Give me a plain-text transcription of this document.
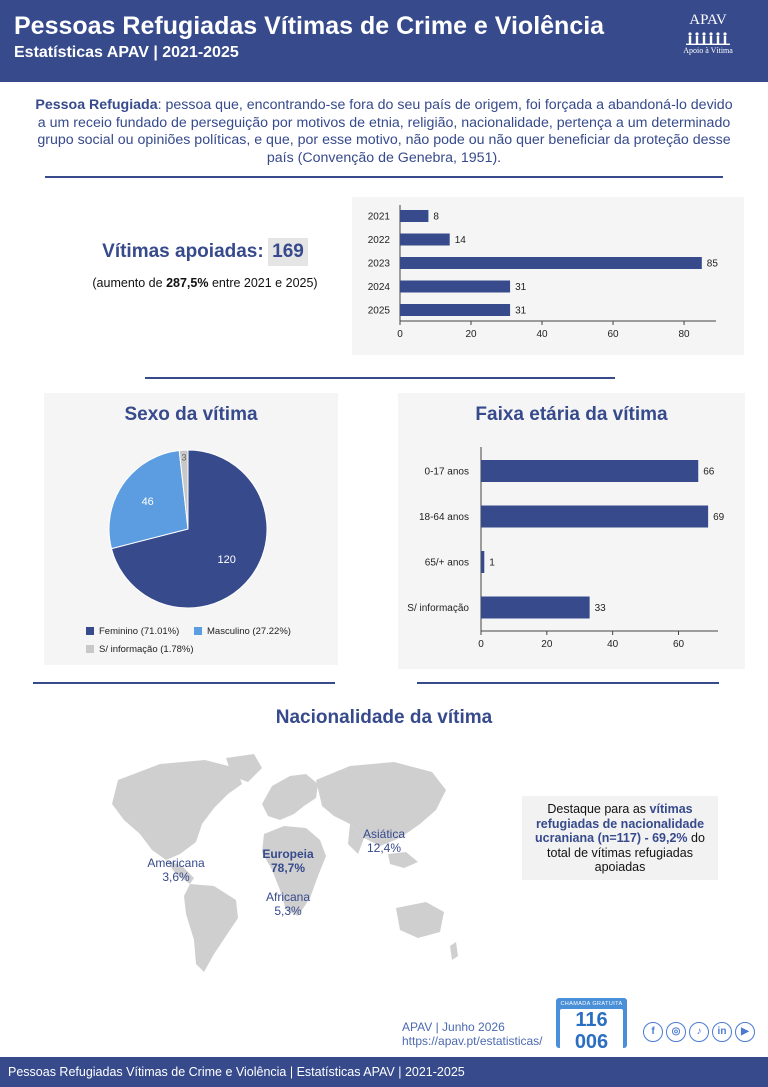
Pessoas Refugiadas Vítimas de Crime e Violência
Estatísticas APAV | 2021-2025
APAV
Apoio à Vítima
Pessoa Refugiada: pessoa que, encontrando-se fora do seu país de origem, foi forçada a abandoná-lo devido a um receio fundado de perseguição por motivos de etnia, religião, nacionalidade, pertença a um determinado grupo social ou opiniões políticas, e que, por esse motivo, não pode ou não quer beneficiar da proteção desse país (Convenção de Genebra, 1951).
Vítimas apoiadas: 169
(aumento de 287,5% entre 2021 e 2025)
8
2021
14
2022
85
2023
31
2024
31
2025
0	20	40	60	80
Sexo da vítima
120
46
3
Feminino (71.01%)	Masculino (27.22%)
S/ informação (1.78%)
Faixa etária da vítima
66
0-17 anos
69
18-64 anos
1
65/+ anos
33
S/ informação
0	20	40	60
Nacionalidade da vítima
Americana
3,6%
Europeia
78,7%
Africana
5,3%
Asiática
12,4%
Destaque para as vítimas refugiadas de nacionalidade ucraniana (n=117) - 69,2% do total de vítimas refugiadas apoiadas
APAV | Junho 2026
https://apav.pt/estatisticas/
CHAMADA GRATUITA
116 006	f	◎	♪	in	▶
Pessoas Refugiadas Vítimas de Crime e Violência | Estatísticas APAV | 2021-2025
